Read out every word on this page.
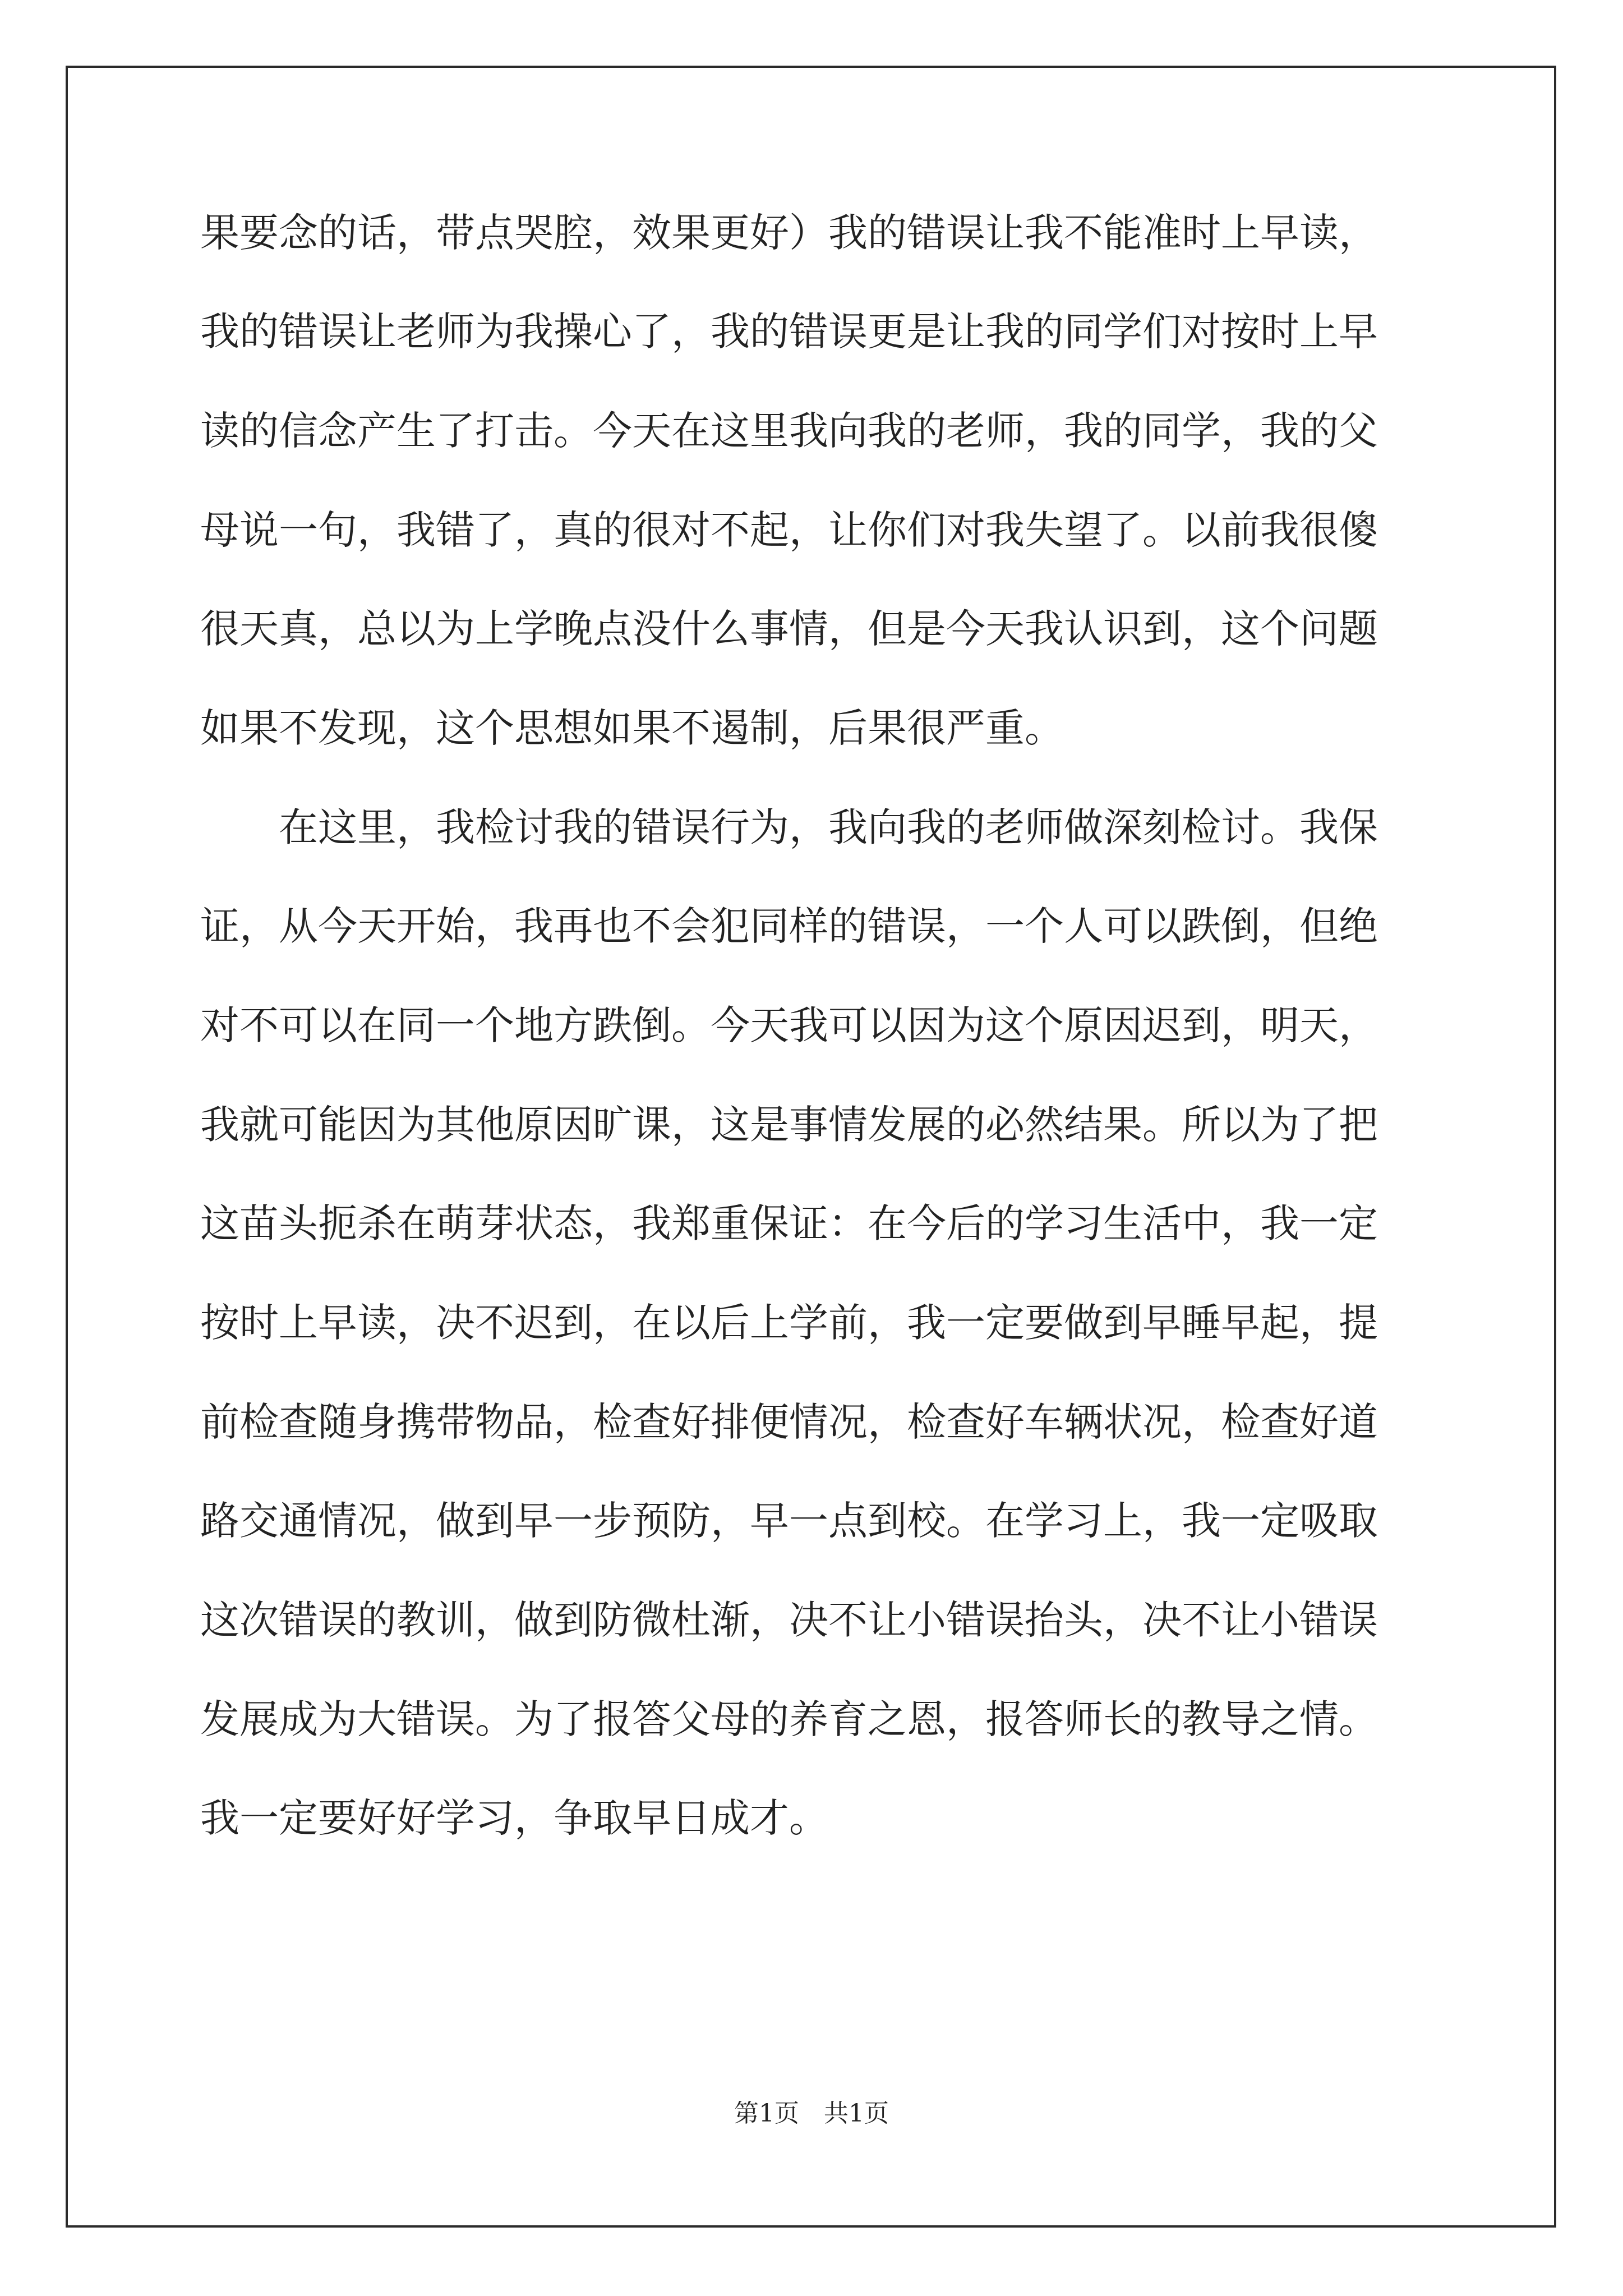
果要念的话，带点哭腔，效果更好）我的错误让我不能准时上早读，
我的错误让老师为我操心了，我的错误更是让我的同学们对按时上早
读的信念产生了打击。今天在这里我向我的老师，我的同学，我的父
母说一句，我错了，真的很对不起，让你们对我失望了。以前我很傻
很天真，总以为上学晚点没什么事情，但是今天我认识到，这个问题
如果不发现，这个思想如果不遏制，后果很严重。
在这里，我检讨我的错误行为，我向我的老师做深刻检讨。我保
证，从今天开始，我再也不会犯同样的错误，一个人可以跌倒，但绝
对不可以在同一个地方跌倒。今天我可以因为这个原因迟到，明天，
我就可能因为其他原因旷课，这是事情发展的必然结果。所以为了把
这苗头扼杀在萌芽状态，我郑重保证：在今后的学习生活中，我一定
按时上早读，决不迟到，在以后上学前，我一定要做到早睡早起，提
前检查随身携带物品，检查好排便情况，检查好车辆状况，检查好道
路交通情况，做到早一步预防，早一点到校。在学习上，我一定吸取
这次错误的教训，做到防微杜渐，决不让小错误抬头，决不让小错误
发展成为大错误。为了报答父母的养育之恩，报答师长的教导之情。
我一定要好好学习，争取早日成才。
第1页 共1页
